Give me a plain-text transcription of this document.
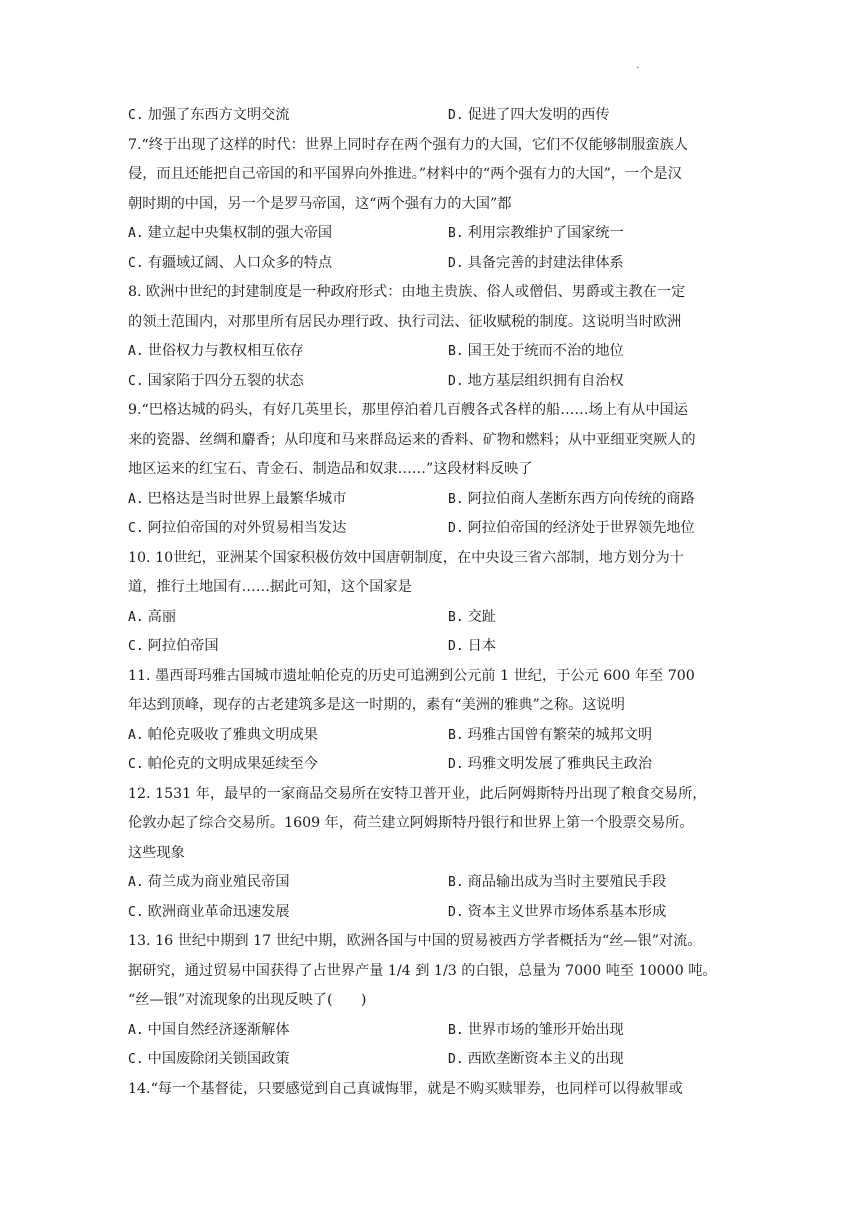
.
C. 加强了东西方文明交流	D. 促进了四大发明的西传
7.“终于出现了这样的时代：世界上同时存在两个强有力的大国，它们不仅能够制服蛮族人
侵，而且还能把自己帝国的和平国界向外推进。”材料中的“两个强有力的大国”，一个是汉
朝时期的中国，另一个是罗马帝国，这“两个强有力的大国”都
A. 建立起中央集权制的强大帝国	B. 利用宗教维护了国家统一
C. 有疆域辽阔、人口众多的特点	D. 具备完善的封建法律体系
8. 欧洲中世纪的封建制度是一种政府形式：由地主贵族、俗人或僧侣、男爵或主教在一定
的领土范围内，对那里所有居民办理行政、执行司法、征收赋税的制度。这说明当时欧洲
A. 世俗权力与教权相互依存	B. 国王处于统而不治的地位
C. 国家陷于四分五裂的状态	D. 地方基层组织拥有自治权
9.“巴格达城的码头，有好几英里长，那里停泊着几百艘各式各样的船……场上有从中国运
来的瓷器、丝绸和麝香；从印度和马来群岛运来的香料、矿物和燃料；从中亚细亚突厥人的
地区运来的红宝石、青金石、制造品和奴隶……”这段材料反映了
A. 巴格达是当时世界上最繁华城市	B. 阿拉伯商人垄断东西方向传统的商路
C. 阿拉伯帝国的对外贸易相当发达	D. 阿拉伯帝国的经济处于世界领先地位
10. 10世纪，亚洲某个国家积极仿效中国唐朝制度，在中央设三省六部制，地方划分为十
道，推行土地国有……据此可知，这个国家是
A. 高丽	B. 交趾
C. 阿拉伯帝国	D. 日本
11. 墨西哥玛雅古国城市遗址帕伦克的历史可追溯到公元前 1 世纪，于公元 600 年至 700
年达到顶峰，现存的古老建筑多是这一时期的，素有“美洲的雅典”之称。这说明
A. 帕伦克吸收了雅典文明成果	B. 玛雅古国曾有繁荣的城邦文明
C. 帕伦克的文明成果延续至今	D. 玛雅文明发展了雅典民主政治
12. 1531 年，最早的一家商品交易所在安特卫普开业，此后阿姆斯特丹出现了粮食交易所，
伦敦办起了综合交易所。1609 年，荷兰建立阿姆斯特丹银行和世界上第一个股票交易所。
这些现象
A. 荷兰成为商业殖民帝国	B. 商品输出成为当时主要殖民手段
C. 欧洲商业革命迅速发展	D. 资本主义世界市场体系基本形成
13. 16 世纪中期到 17 世纪中期，欧洲各国与中国的贸易被西方学者概括为“丝—银”对流。
据研究，通过贸易中国获得了占世界产量 1/4 到 1/3 的白银，总量为 7000 吨至 10000 吨。
“丝—银”对流现象的出现反映了(　　)
A. 中国自然经济逐渐解体	B. 世界市场的雏形开始出现
C. 中国废除闭关锁国政策	D. 西欧垄断资本主义的出现
14.“每一个基督徒，只要感觉到自己真诚悔罪，就是不购买赎罪券，也同样可以得赦罪或
